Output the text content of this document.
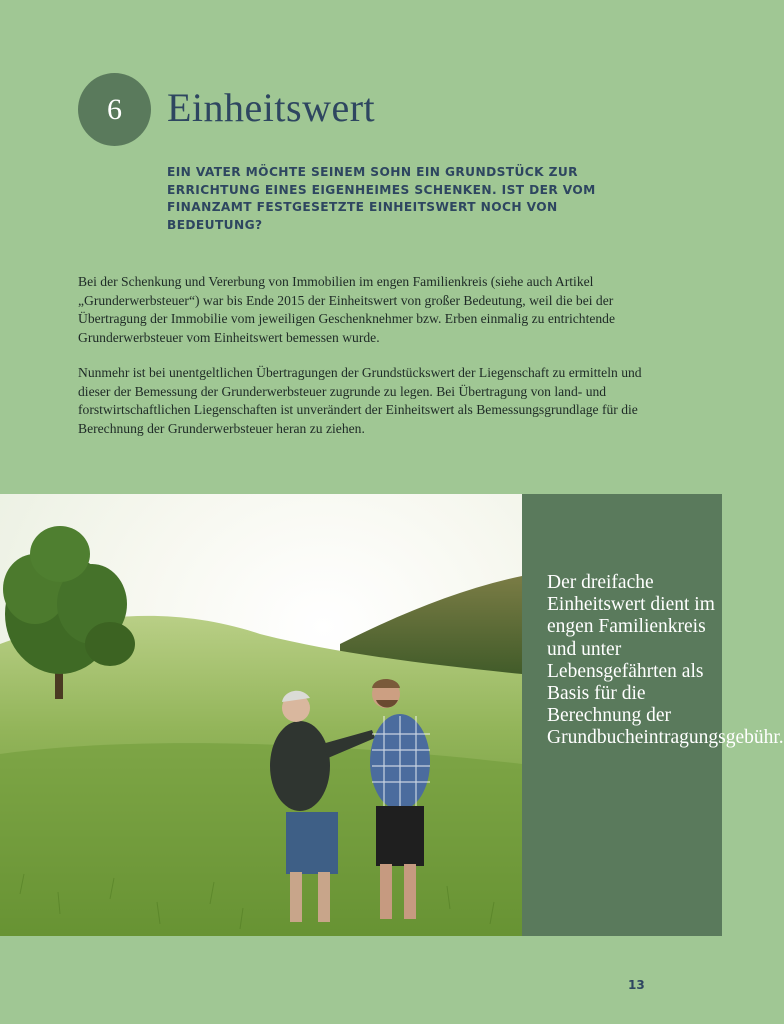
6 Einheitswert

EIN VATER MÖCHTE SEINEM SOHN EIN GRUNDSTÜCK ZUR ERRICHTUNG EINES EIGENHEIMES SCHENKEN. IST DER VOM FINANZAMT FESTGESETZTE EINHEITSWERT NOCH VON BEDEUTUNG?

Bei der Schenkung und Vererbung von Immobilien im engen Familienkreis (siehe auch Artikel „Grunderwerbsteuer“) war bis Ende 2015 der Einheitswert von großer Bedeutung, weil die bei der Übertragung der Immobilie vom jeweiligen Geschenknehmer bzw. Erben einmalig zu entrichtende Grunderwerbsteuer vom Einheitswert bemessen wurde.

Nunmehr ist bei unentgeltlichen Übertragungen der Grundstückswert der Liegenschaft zu ermitteln und dieser der Bemessung der Grunderwerbsteuer zugrunde zu legen. Bei Übertragung von land- und forstwirtschaftlichen Liegenschaften ist unverändert der Einheitswert als Bemessungsgrundlage für die Berechnung der Grunderwerbsteuer heran zu ziehen.

Der dreifache Einheitswert dient im engen Familienkreis und unter Lebensgefährten als Basis für die Berechnung der Grundbucheintragungsgebühr.

13
